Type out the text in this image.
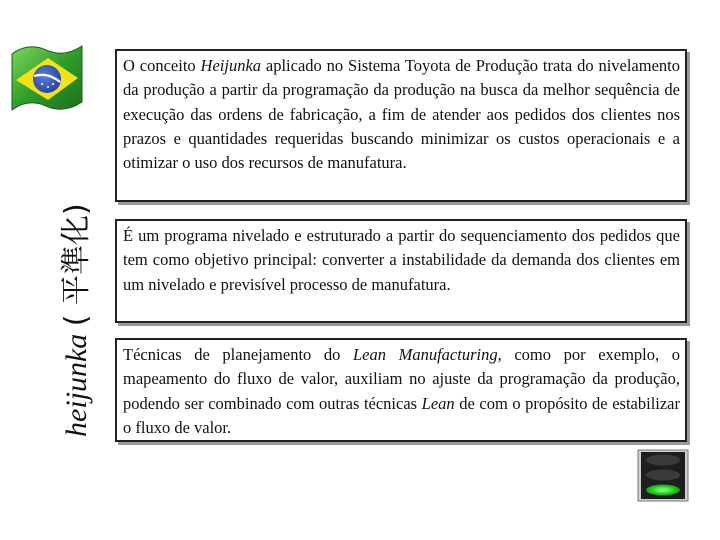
heijunka ( 平準化)
O conceito Heijunka aplicado no Sistema Toyota de Produção trata do nivelamento da produção a partir da programação da produção na busca da melhor sequência de execução das ordens de fabricação, a fim de atender aos pedidos dos clientes nos prazos e quantidades requeridas buscando minimizar os custos operacionais e a otimizar o uso dos recursos de manufatura.
É um programa nivelado e estruturado a partir do sequenciamento dos pedidos que tem como objetivo principal: converter a instabilidade da demanda dos clientes em um nivelado e previsível processo de manufatura.
Técnicas de planejamento do Lean Manufacturing, como por exemplo, o mapeamento do fluxo de valor, auxiliam no ajuste da programação da produção, podendo ser combinado com outras técnicas Lean de com o propósito de estabilizar o fluxo de valor.
